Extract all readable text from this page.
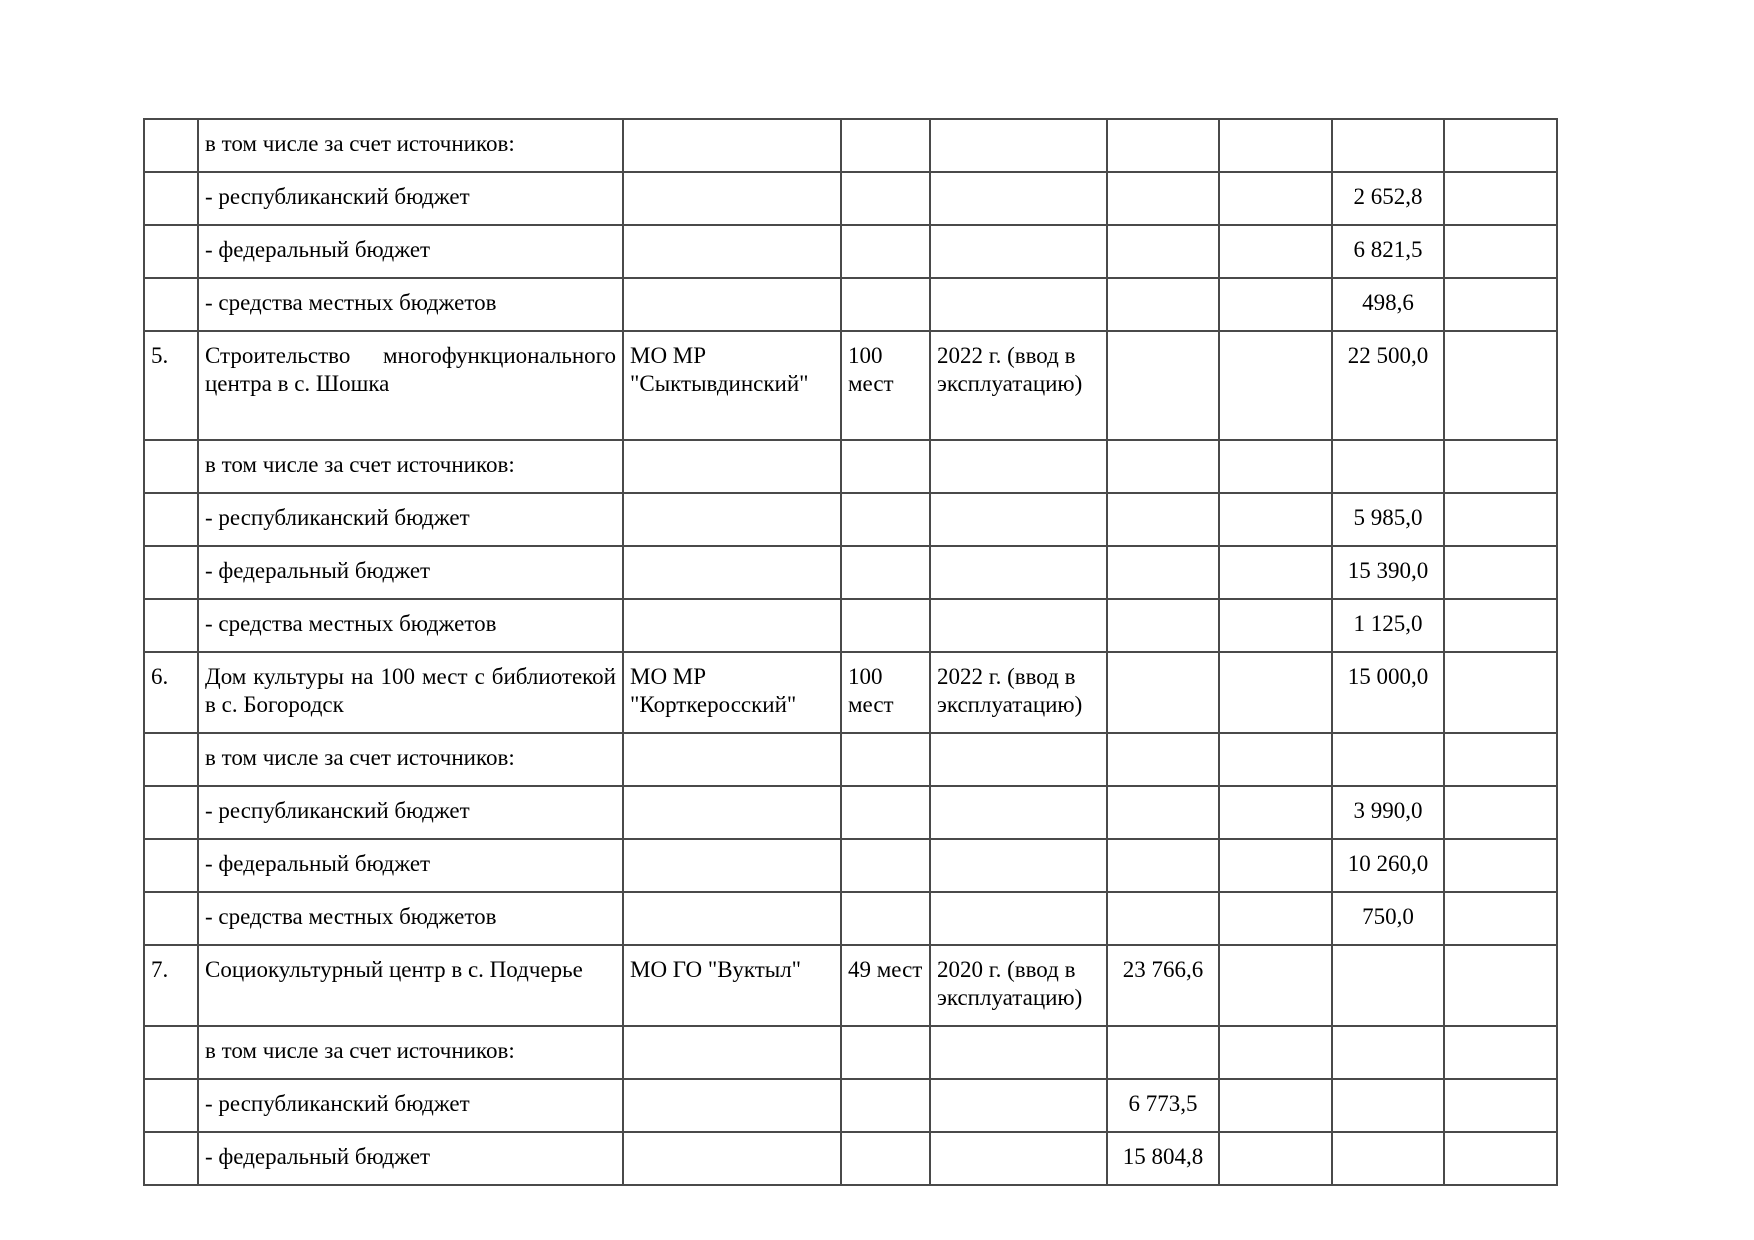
	в том числе за счет источников:							
	- республиканский бюджет						2 652,8	
	- федеральный бюджет						6 821,5	
	- средства местных бюджетов						498,6	
5.	Строительство многофункционального центра в с. Шошка	МО МР "Сыктывдинский"	100 мест	2022 г. (ввод в эксплуатацию)			22 500,0	
	в том числе за счет источников:							
	- республиканский бюджет						5 985,0	
	- федеральный бюджет						15 390,0	
	- средства местных бюджетов						1 125,0	
6.	Дом культуры на 100 мест с библиотекой в с. Богородск	МО МР "Корткеросский"	100 мест	2022 г. (ввод в эксплуатацию)			15 000,0	
	в том числе за счет источников:							
	- республиканский бюджет						3 990,0	
	- федеральный бюджет						10 260,0	
	- средства местных бюджетов						750,0	
7.	Социокультурный центр в с. Подчерье	МО ГО "Вуктыл"	49 мест	2020 г. (ввод в эксплуатацию)	23 766,6			
	в том числе за счет источников:							
	- республиканский бюджет				6 773,5			
	- федеральный бюджет				15 804,8			
